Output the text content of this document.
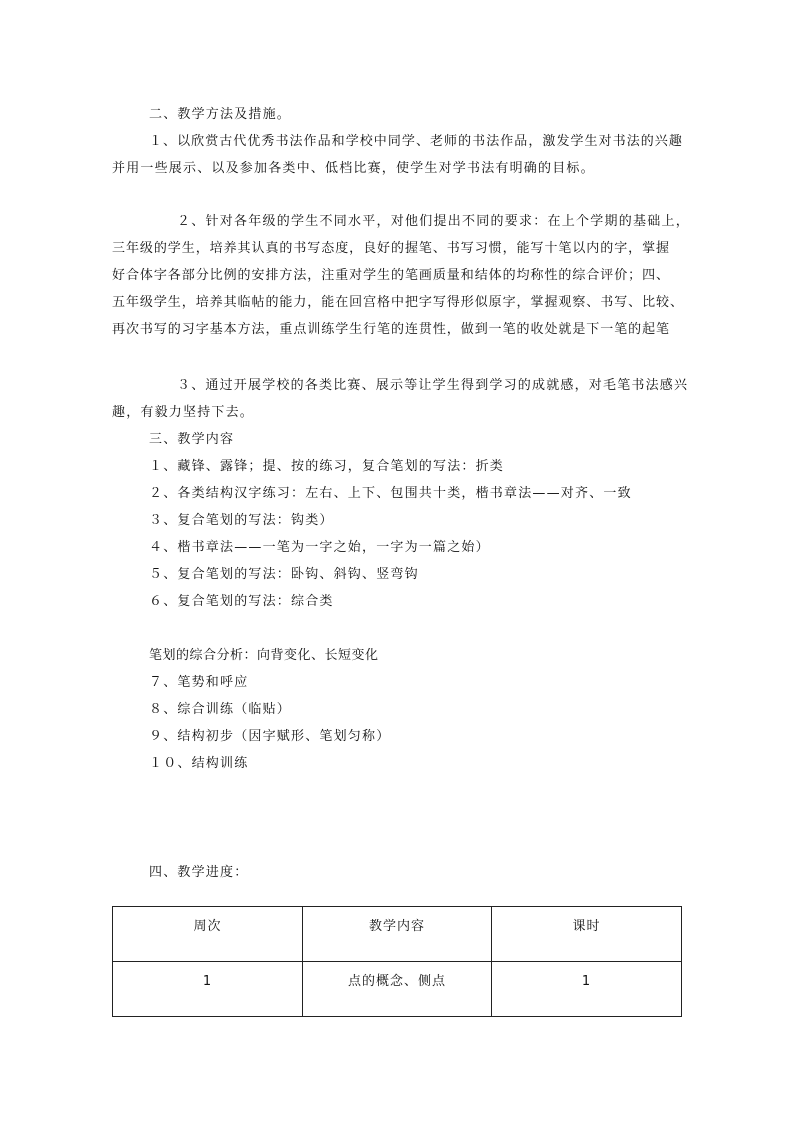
二、教学方法及措施。
１、以欣赏古代优秀书法作品和学校中同学、老师的书法作品，激发学生对书法的兴趣
并用一些展示、以及参加各类中、低档比赛，使学生对学书法有明确的目标。
２、针对各年级的学生不同水平，对他们提出不同的要求：在上个学期的基础上，
三年级的学生，培养其认真的书写态度，良好的握笔、书写习惯，能写十笔以内的字，掌握
好合体字各部分比例的安排方法，注重对学生的笔画质量和结体的均称性的综合评价；四、
五年级学生，培养其临帖的能力，能在回宫格中把字写得形似原字，掌握观察、书写、比较、
再次书写的习字基本方法，重点训练学生行笔的连贯性，做到一笔的收处就是下一笔的起笔
３、通过开展学校的各类比赛、展示等让学生得到学习的成就感，对毛笔书法感兴
趣，有毅力坚持下去。
三、教学内容
１、藏锋、露锋；提、按的练习，复合笔划的写法：折类
２、各类结构汉字练习：左右、上下、包围共十类，楷书章法——对齐、一致
３、复合笔划的写法：钩类）
４、楷书章法——一笔为一字之始，一字为一篇之始）
５、复合笔划的写法：卧钩、斜钩、竖弯钩
６、复合笔划的写法：综合类
笔划的综合分析：向背变化、长短变化
７、笔势和呼应
８、综合训练（临贴）
９、结构初步（因字赋形、笔划匀称）
１０、结构训练
四、教学进度：
周次	教学内容	课时
1	点的概念、侧点	1
